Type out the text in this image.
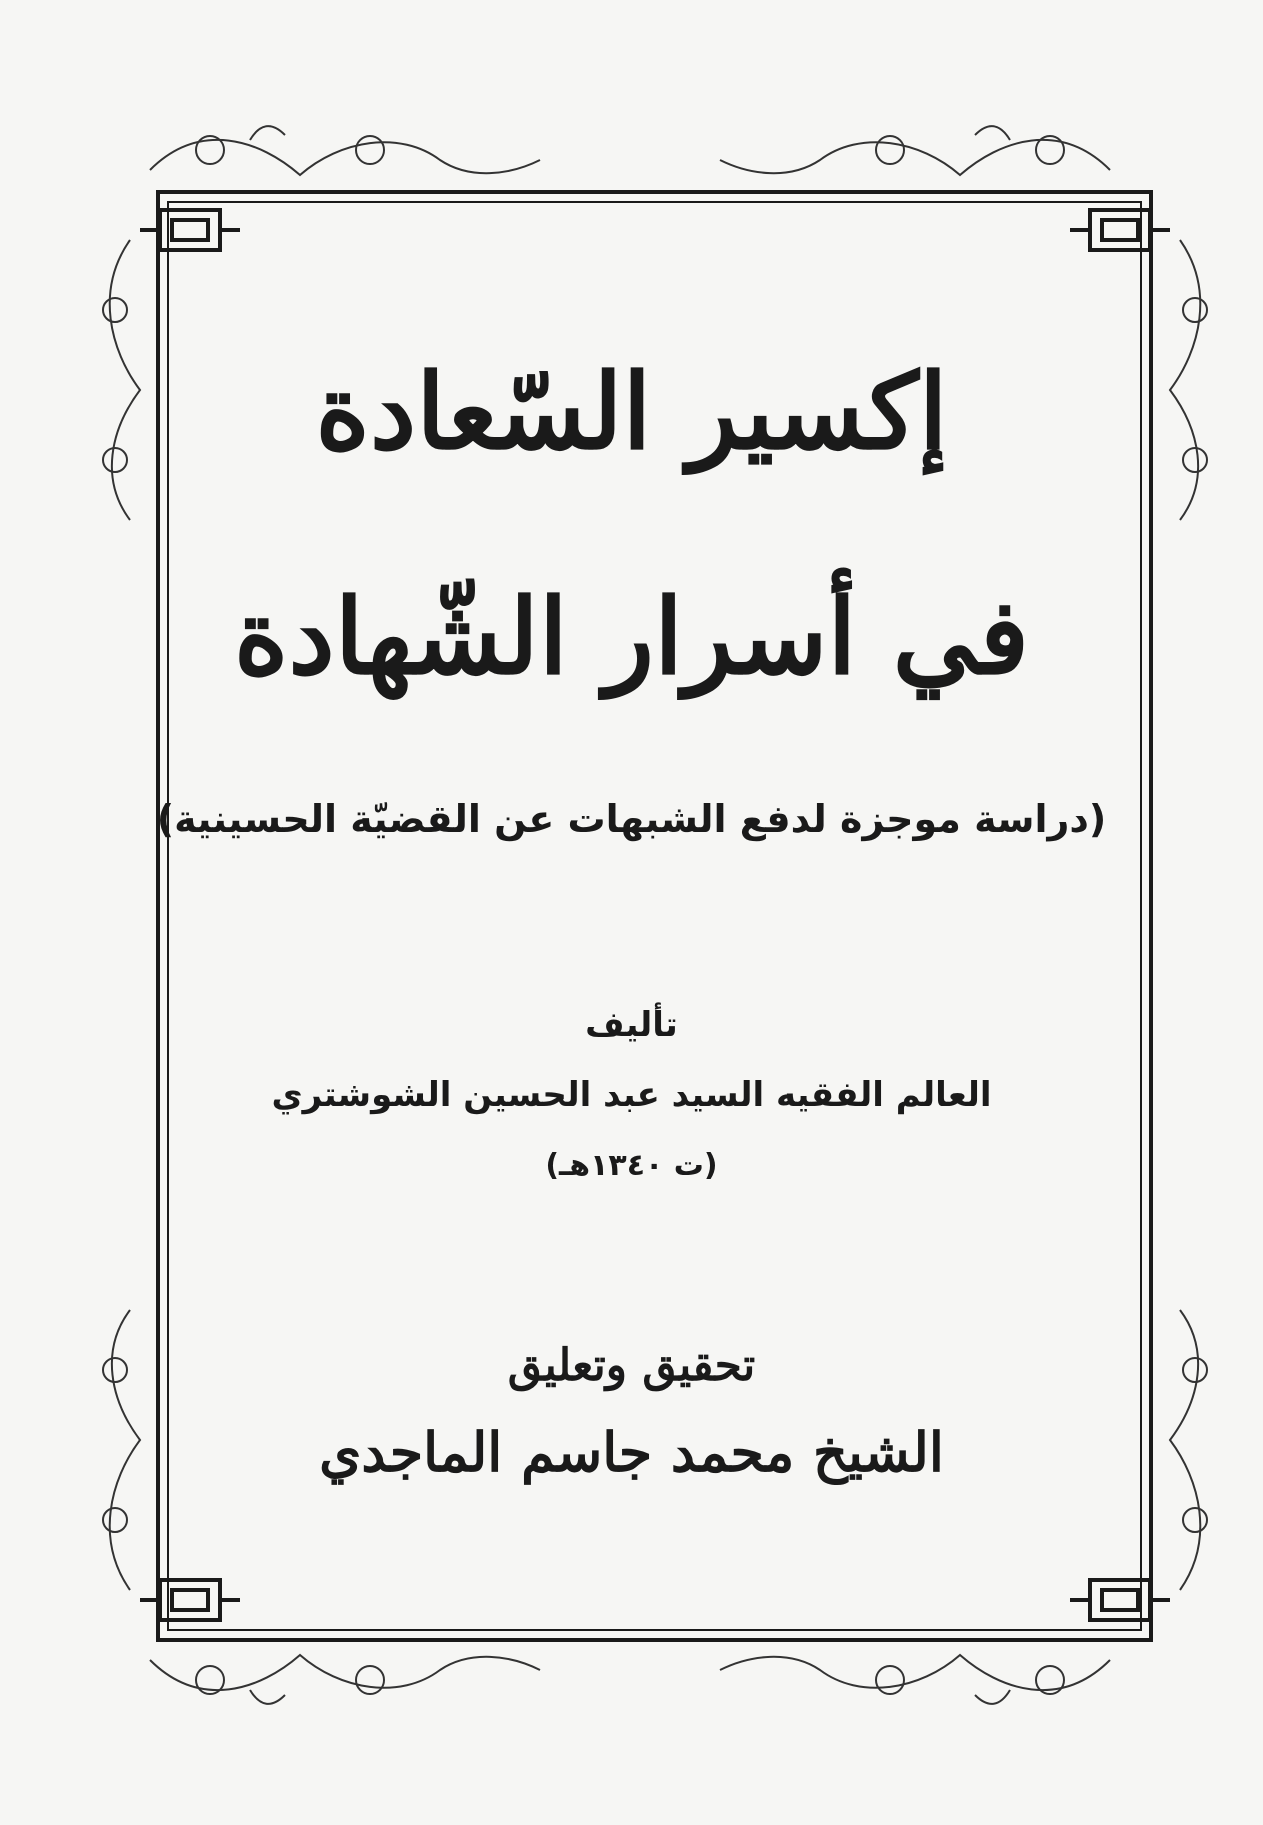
إكسير السّعادة
في أسرار الشّهادة
(دراسة موجزة لدفع الشبهات عن القضيّة الحسينية)
تأليف
العالم الفقيه السيد عبد الحسين الشوشتري
(ت ١٣٤٠هـ)
تحقيق وتعليق
الشيخ محمد جاسم الماجدي
